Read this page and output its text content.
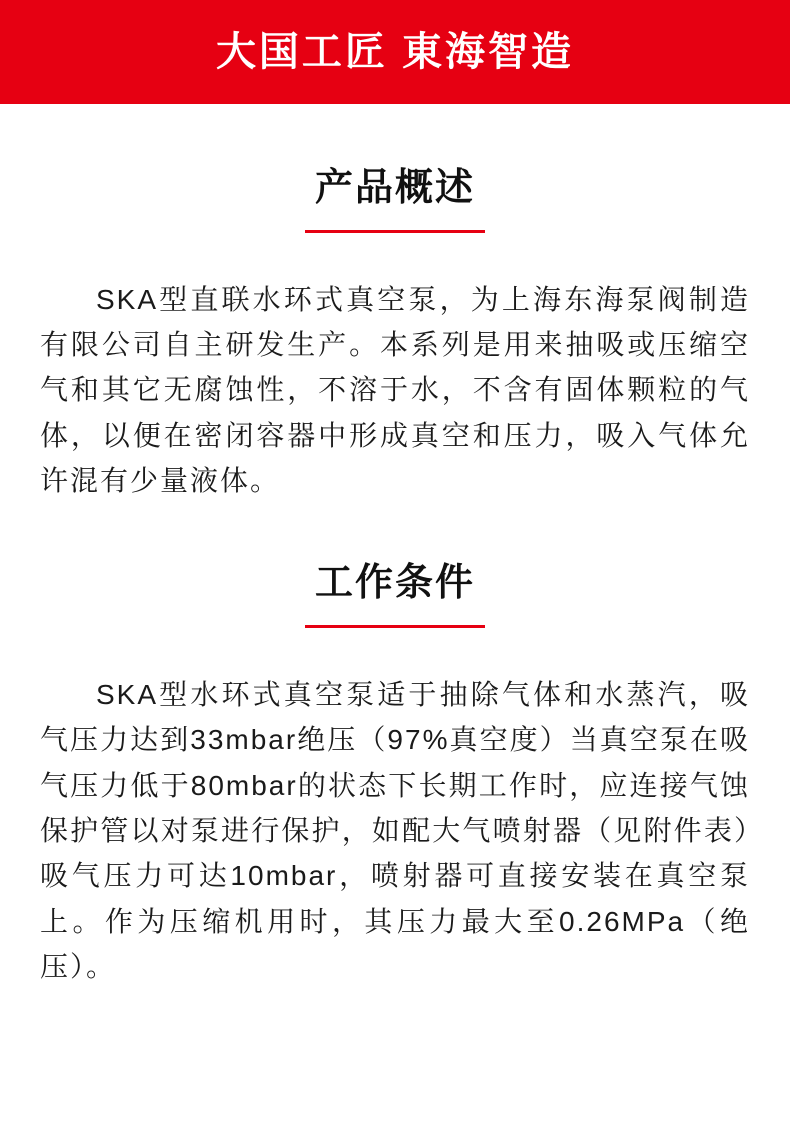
大国工匠 東海智造
产品概述

SKA型直联水环式真空泵，为上海东海泵阀制造有限公司自主研发生产。本系列是用来抽吸或压缩空气和其它无腐蚀性，不溶于水，不含有固体颗粒的气体，以便在密闭容器中形成真空和压力，吸入气体允许混有少量液体。

工作条件

SKA型水环式真空泵适于抽除气体和水蒸汽，吸气压力达到33mbar绝压（97%真空度）当真空泵在吸气压力低于80mbar的状态下长期工作时，应连接气蚀保护管以对泵进行保护，如配大气喷射器（见附件表）吸气压力可达10mbar，喷射器可直接安装在真空泵上。作为压缩机用时，其压力最大至0.26MPa（绝压）。
